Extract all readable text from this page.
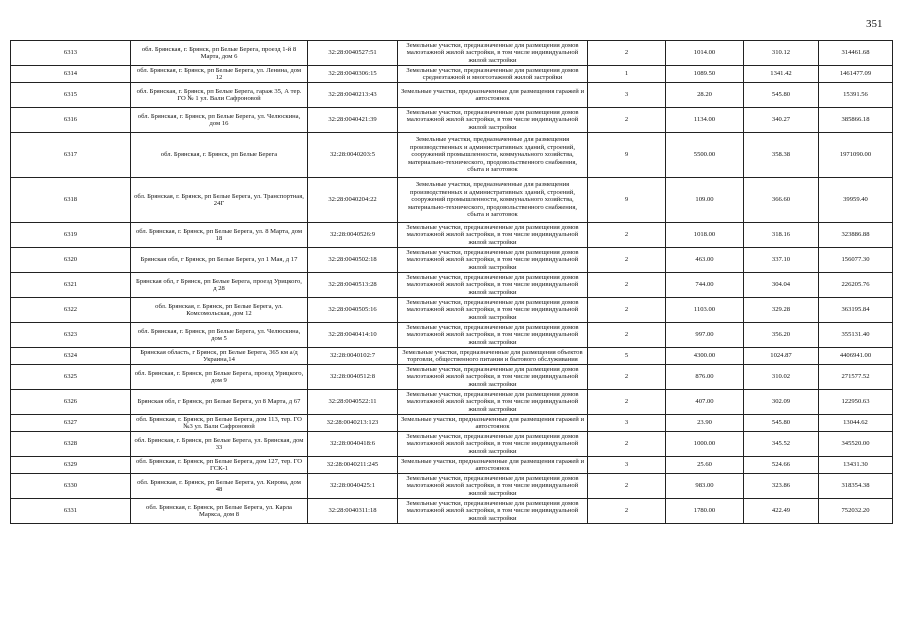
351
6313	обл. Брянская, г. Брянск, рп Белые Берега, проезд 1-й 8 Марта, дом 6	32:28:0040527:51	Земельные участки, предназначенные для размещения домов малоэтажной жилой застройки, в том числе индивидуальной жилой застройки	2	1014.00	310.12	314461.68
6314	обл. Брянская, г. Брянск, рп Белые Берега, ул. Ленина, дом 12	32:28:0040306:15	Земельные участки, предназначенные для размещения домов среднеэтажной и многоэтажной жилой застройки	1	1089.50	1341.42	1461477.09
6315	обл. Брянская, г. Брянск, рп Белые Берега, гараж 35, А тер. ГО № 1 ул. Вали Сафроновой	32:28:0040213:43	Земельные участки, предназначенные для размещения гаражей и автостоянок	3	28.20	545.80	15391.56
6316	обл. Брянская, г. Брянск, рп Белые Берега, ул. Челюскина, дом 16	32:28:0040421:39	Земельные участки, предназначенные для размещения домов малоэтажной жилой застройки, в том числе индивидуальной жилой застройки	2	1134.00	340.27	385866.18
6317	обл. Брянская, г. Брянск, рп Белые Берега	32:28:0040203:5	Земельные участки, предназначенные для размещения производственных и административных зданий, строений, сооружений промышленности, коммунального хозяйства, материально-технического, продовольственного снабжения, сбыта и заготовок	9	5500.00	358.38	1971090.00
6318	обл. Брянская, г. Брянск, рп Белые Берега, ул. Транспортная, 24Г	32:28:0040204:22	Земельные участки, предназначенные для размещения производственных и административных зданий, строений, сооружений промышленности, коммунального хозяйства, материально-технического, продовольственного снабжения, сбыта и заготовок	9	109.00	366.60	39959.40
6319	обл. Брянская, г. Брянск, рп Белые Берега, ул. 8 Марта, дом 18	32:28:0040526:9	Земельные участки, предназначенные для размещения домов малоэтажной жилой застройки, в том числе индивидуальной жилой застройки	2	1018.00	318.16	323886.88
6320	Брянская обл, г Брянск, рп Белые Берега, ул 1 Мая, д 17	32:28:0040502:18	Земельные участки, предназначенные для размещения домов малоэтажной жилой застройки, в том числе индивидуальной жилой застройки	2	463.00	337.10	156077.30
6321	Брянская обл, г Брянск, рп Белые Берега, проезд Урицкого, д 28	32:28:0040513:28	Земельные участки, предназначенные для размещения домов малоэтажной жилой застройки, в том числе индивидуальной жилой застройки	2	744.00	304.04	226205.76
6322	обл. Брянская, г. Брянск, рп Белые Берега, ул. Комсомольская, дом 12	32:28:0040505:16	Земельные участки, предназначенные для размещения домов малоэтажной жилой застройки, в том числе индивидуальной жилой застройки	2	1103.00	329.28	363195.84
6323	обл. Брянская, г. Брянск, рп Белые Берега, ул. Челюскина, дом 5	32:28:0040414:10	Земельные участки, предназначенные для размещения домов малоэтажной жилой застройки, в том числе индивидуальной жилой застройки	2	997.00	356.20	355131.40
6324	Брянская область, г Брянск, рп Белые Берега, 365 км а/д Украина,14	32:28:0040102:7	Земельные участки, предназначенные для размещения объектов торговли, общественного питания и бытового обслуживания	5	4300.00	1024.87	4406941.00
6325	обл. Брянская, г. Брянск, рп Белые Берега, проезд Урицкого, дом 9	32:28:0040512:8	Земельные участки, предназначенные для размещения домов малоэтажной жилой застройки, в том числе индивидуальной жилой застройки	2	876.00	310.02	271577.52
6326	Брянская обл, г Брянск, рп Белые Берега, ул 8 Марта, д 67	32:28:0040522:11	Земельные участки, предназначенные для размещения домов малоэтажной жилой застройки, в том числе индивидуальной жилой застройки	2	407.00	302.09	122950.63
6327	обл. Брянская, г. Брянск, рп Белые Берега, дом 113, тер. ГО №3 ул. Вали Сафроновой	32:28:0040213:123	Земельные участки, предназначенные для размещения гаражей и автостоянок	3	23.90	545.80	13044.62
6328	обл. Брянская, г. Брянск, рп Белые Берега, ул. Брянская, дом 33	32:28:0040418:6	Земельные участки, предназначенные для размещения домов малоэтажной жилой застройки, в том числе индивидуальной жилой застройки	2	1000.00	345.52	345520.00
6329	обл. Брянская, г. Брянск, рп Белые Берега, дом 127, тер. ГО ГСК-1	32:28:0040211:245	Земельные участки, предназначенные для размещения гаражей и автостоянок	3	25.60	524.66	13431.30
6330	обл. Брянская, г. Брянск, рп Белые Берега, ул. Кирова, дом 48	32:28:0040425:1	Земельные участки, предназначенные для размещения домов малоэтажной жилой застройки, в том числе индивидуальной жилой застройки	2	983.00	323.86	318354.38
6331	обл. Брянская, г. Брянск, рп Белые Берега, ул. Карла Маркса, дом 8	32:28:0040311:18	Земельные участки, предназначенные для размещения домов малоэтажной жилой застройки, в том числе индивидуальной жилой застройки	2	1780.00	422.49	752032.20
